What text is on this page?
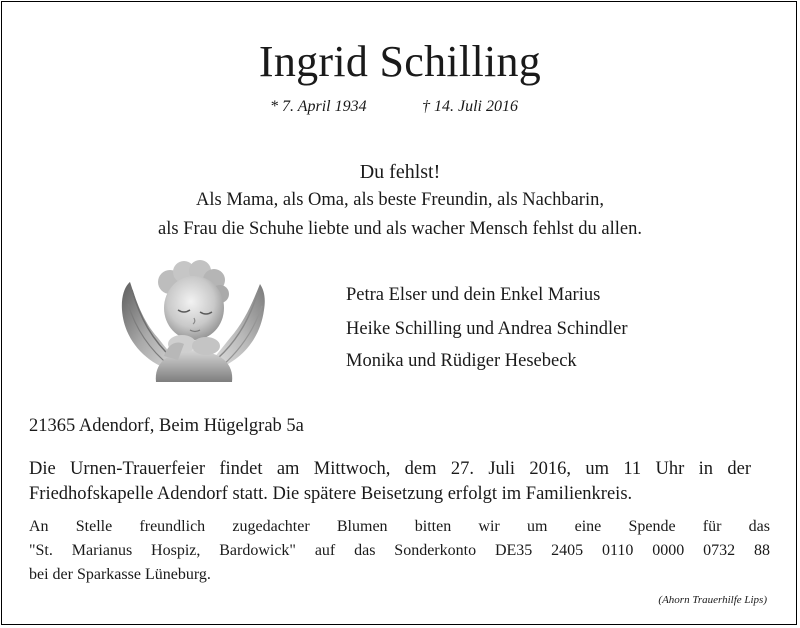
Ingrid Schilling
* 7. April 1934	† 14. Juli 2016
Du fehlst!
Als Mama, als Oma, als beste Freundin, als Nachbarin,
als Frau die Schuhe liebte und als wacher Mensch fehlst du allen.
Petra Elser und dein Enkel Marius
Heike Schilling und Andrea Schindler
Monika und Rüdiger Hesebeck
21365 Adendorf, Beim Hügelgrab 5a
Die Urnen-Trauerfeier findet am Mittwoch, dem 27. Juli 2016, um 11 Uhr in der
Friedhofskapelle Adendorf statt. Die spätere Beisetzung erfolgt im Familienkreis.
An Stelle freundlich zugedachter Blumen bitten wir um eine Spende für das
"St. Marianus Hospiz, Bardowick" auf das Sonderkonto DE35 2405 0110 0000 0732 88
bei der Sparkasse Lüneburg.
(Ahorn Trauerhilfe Lips)
